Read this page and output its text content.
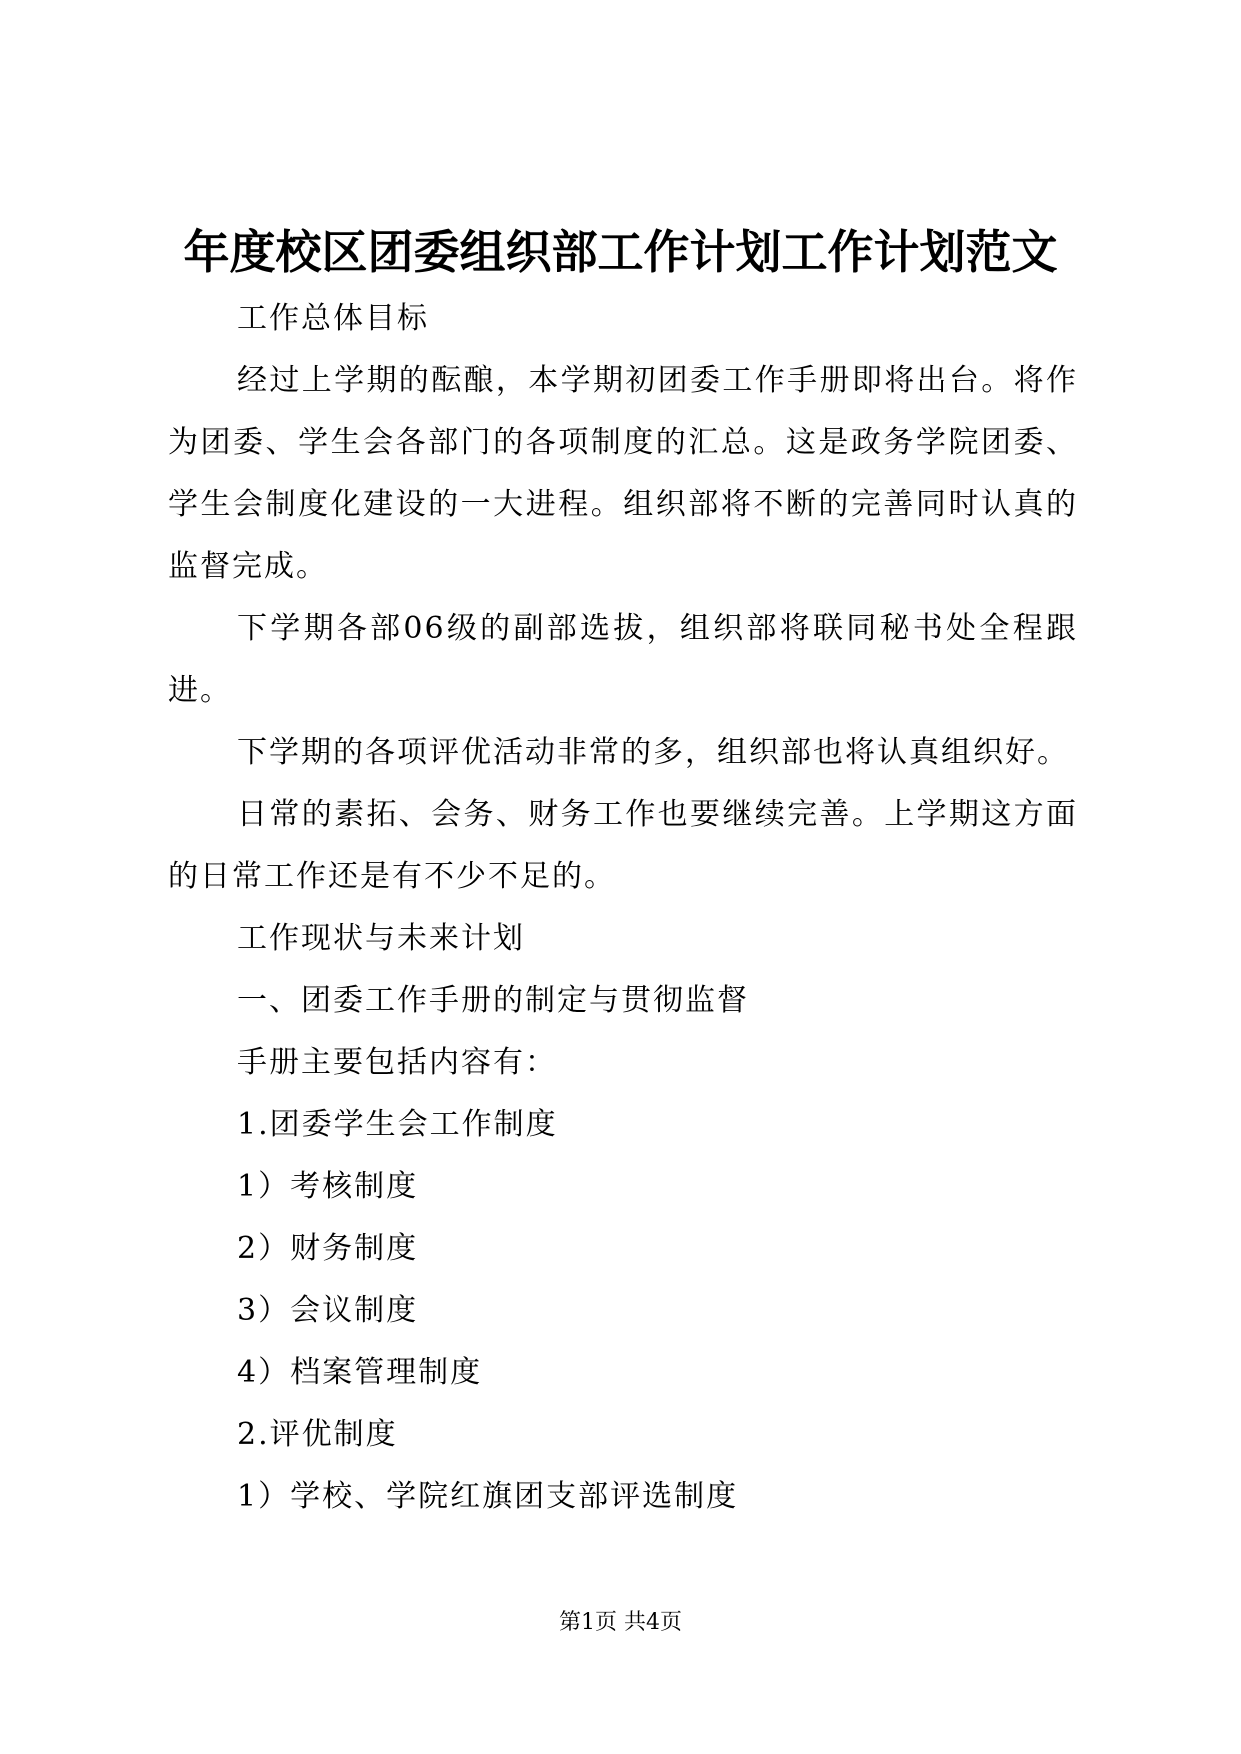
年度校区团委组织部工作计划工作计划范文

工作总体目标

经过上学期的酝酿，本学期初团委工作手册即将出台。将作为团委、学生会各部门的各项制度的汇总。这是政务学院团委、学生会制度化建设的一大进程。组织部将不断的完善同时认真的监督完成。

下学期各部06级的副部选拔，组织部将联同秘书处全程跟进。

下学期的各项评优活动非常的多，组织部也将认真组织好。

日常的素拓、会务、财务工作也要继续完善。上学期这方面的日常工作还是有不少不足的。

工作现状与未来计划

一、团委工作手册的制定与贯彻监督

手册主要包括内容有：

1.团委学生会工作制度

1）考核制度

2）财务制度

3）会议制度

4）档案管理制度

2.评优制度

1）学校、学院红旗团支部评选制度

第1页 共4页
